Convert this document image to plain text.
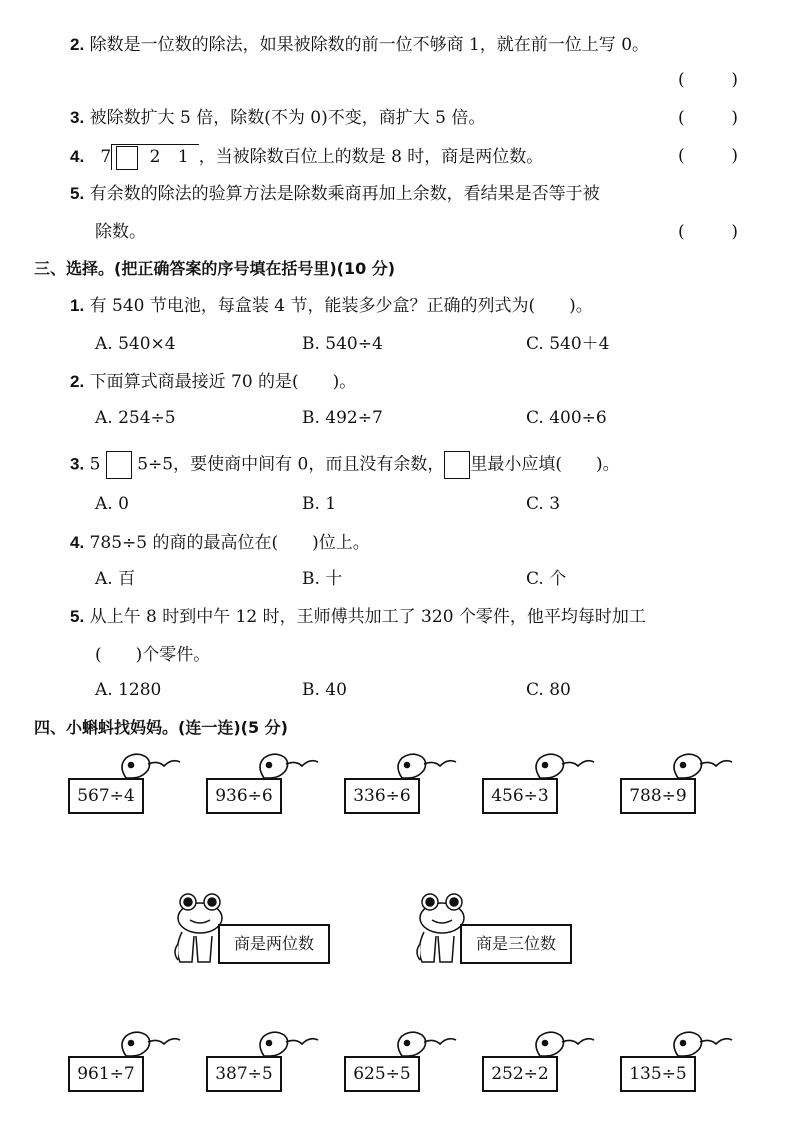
2. 除数是一位数的除法，如果被除数的前一位不够商 1，就在前一位上写 0。
(	)
3. 被除数扩大 5 倍，除数(不为 0)不变，商扩大 5 倍。	(	)
4. 7 2 1 ，当被除数百位上的数是 8 时，商是两位数。	(	)
5. 有余数的除法的验算方法是除数乘商再加上余数，看结果是否等于被
除数。	(	)
三、选择。(把正确答案的序号填在括号里)(10 分)
1. 有 540 节电池，每盒装 4 节，能装多少盒？正确的列式为(　　)。
A. 540×4	B. 540÷4	C. 540＋4
2. 下面算式商最接近 70 的是(　　)。
A. 254÷5	B. 492÷7	C. 400÷6
3. 5 5÷5，要使商中间有 0，而且没有余数， 里最小应填(　　)。
A. 0	B. 1	C. 3
4. 785÷5 的商的最高位在(　　)位上。
A. 百	B. 十	C. 个
5. 从上午 8 时到中午 12 时，王师傅共加工了 320 个零件，他平均每时加工
(　　)个零件。
A. 1280	B. 40	C. 80
四、小蝌蚪找妈妈。(连一连)(5 分)
商是两位数	商是三位数
567÷4	936÷6	336÷6	456÷3	788÷9
961÷7	387÷5	625÷5	252÷2	135÷5
